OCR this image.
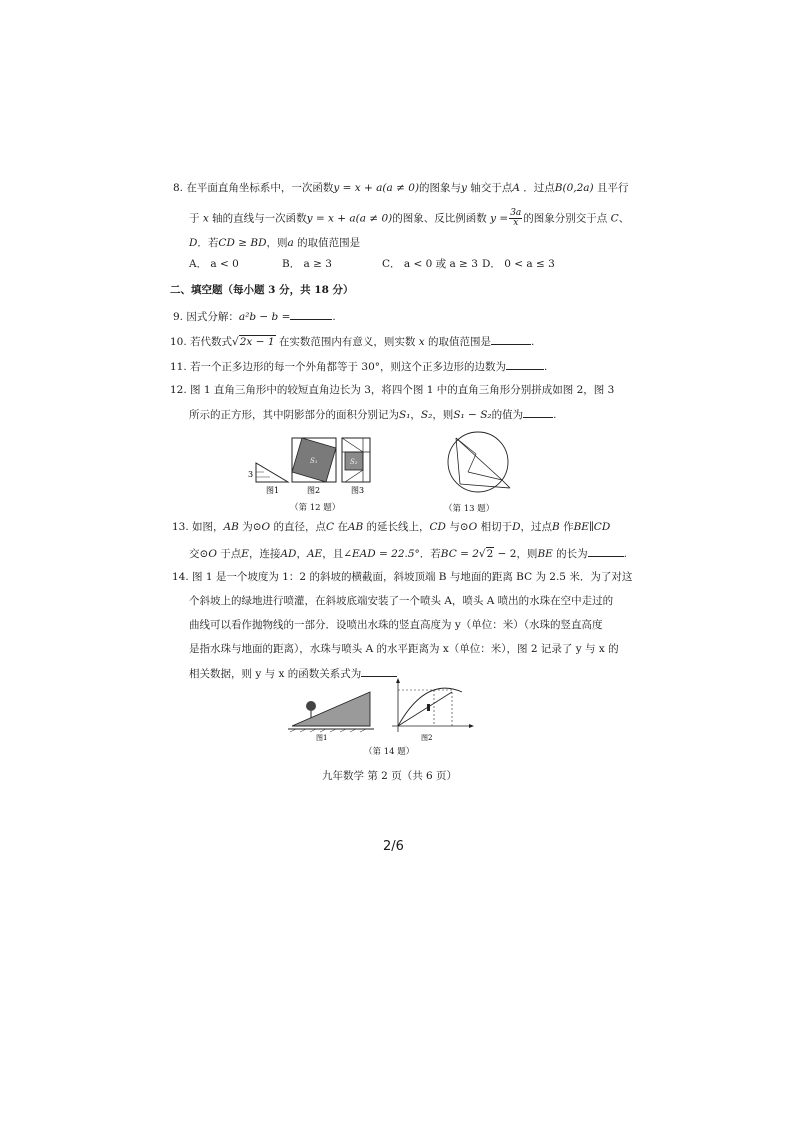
8. 在平面直角坐标系中，一次函数y = x + a(a ≠ 0)的图象与y 轴交于点A ．过点B(0,2a) 且平行
于 x 轴的直线与一次函数y = x + a(a ≠ 0)的图象、反比例函数 $y = \frac{3a}{x}$ 的图象分别交于点 C、
D．若CD ≥ BD，则a 的取值范围是
A． a < 0	B． a ≥ 3	C． a < 0 或 a ≥ 3 D． 0 < a ≤ 3
二、填空题（每小题 3 分，共 18 分）
9. 因式分解：a²b − b =	.
10. 若代数式√2x − 1 在实数范围内有意义，则实数 x 的取值范围是	.
11. 若一个正多边形的每一个外角都等于 30°，则这个正多边形的边数为	.
12. 图 1 直角三角形中的较短直角边长为 3，将四个图 1 中的直角三角形分别拼成如图 2，图 3
所示的正方形，其中阴影部分的面积分别记为S₁，S₂，则S₁ − S₂的值为	.
3
S₁	S₂
图1	图2	图3
（第 12 题）	（第 13 题）
13. 如图，AB 为⊙O 的直径，点C 在AB 的延长线上，CD 与⊙O 相切于D，过点B 作BE∥CD
交⊙O 于点E，连接AD，AE，且∠EAD = 22.5°．若BC = 2√2 − 2，则BE 的长为	.
14. 图 1 是一个坡度为 1：2 的斜坡的横截面，斜坡顶端 B 与地面的距离 BC 为 2.5 米．为了对这
个斜坡上的绿地进行喷灌，在斜坡底端安装了一个喷头 A，喷头 A 喷出的水珠在空中走过的
曲线可以看作抛物线的一部分．设喷出水珠的竖直高度为 y（单位：米）（水珠的竖直高度
是指水珠与地面的距离），水珠与喷头 A 的水平距离为 x（单位：米），图 2 记录了 y 与 x 的
相关数据，则 y 与 x 的函数关系式为
图1	图2
（第 14 题）
九年数学 第 2 页（共 6 页）
2/6
